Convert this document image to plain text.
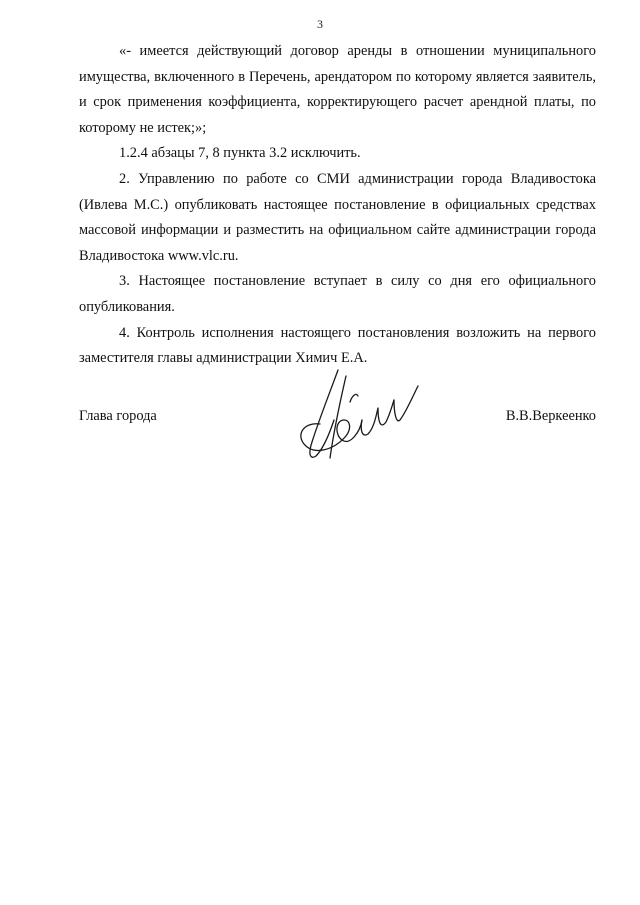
3

«- имеется действующий договор аренды в отношении муниципального имущества, включенного в Перечень, арендатором по которому является заявитель, и срок применения коэффициента, корректирующего расчет арендной платы, по которому не истек;»;

1.2.4 абзацы 7, 8 пункта 3.2 исключить.

2. Управлению по работе со СМИ администрации города Владивостока (Ивлева М.С.) опубликовать настоящее постановление в официальных средствах массовой информации и разместить на официальном сайте администрации города Владивостока www.vlc.ru.

3. Настоящее постановление вступает в силу со дня его официального опубликования.

4. Контроль исполнения настоящего постановления возложить на первого заместителя главы администрации Химич Е.А.

Глава города	В.В.Веркеенко
